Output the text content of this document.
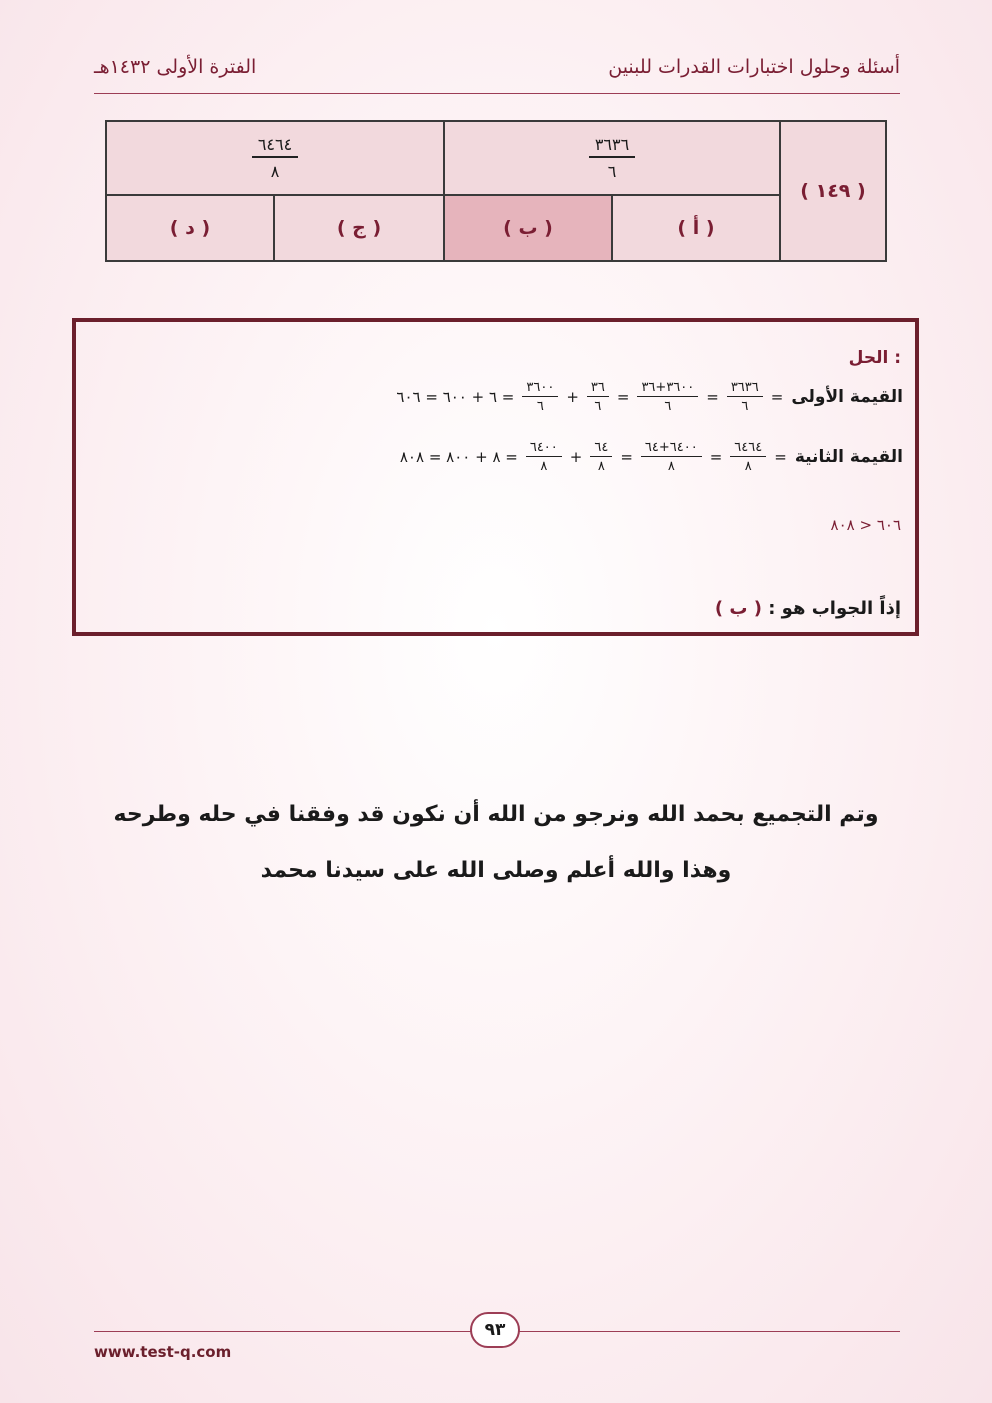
أسئلة وحلول اختبارات القدرات للبنين
الفترة الأولى ١٤٣٢هـ
( ١٤٩ )
$\frac{٣٦٣٦}{٦}$
$\frac{٦٤٦٤}{٨}$
( أ )
( ب )
( ج )
( د )
الحل :
القيمة الأولى
=
$\frac{٣٦٣٦}{٦}$
=
$\frac{٣٦٠٠+٣٦}{٦}$
=
$\frac{٣٦}{٦}$
+
$\frac{٣٦٠٠}{٦}$
= ٦ + ٦٠٠ = ٦٠٦
القيمة الثانية
=
$\frac{٦٤٦٤}{٨}$
=
$\frac{٦٤٠٠+٦٤}{٨}$
=
$\frac{٦٤}{٨}$
+
$\frac{٦٤٠٠}{٨}$
= ٨ + ٨٠٠ = ٨٠٨
٦٠٦ < ٨٠٨
إذاً الجواب هو : ( ب )
وتم التجميع بحمد الله ونرجو من الله أن نكون قد وفقنا في حله وطرحه
وهذا والله أعلم وصلى الله على سيدنا محمد
٩٣
www.test-q.com
